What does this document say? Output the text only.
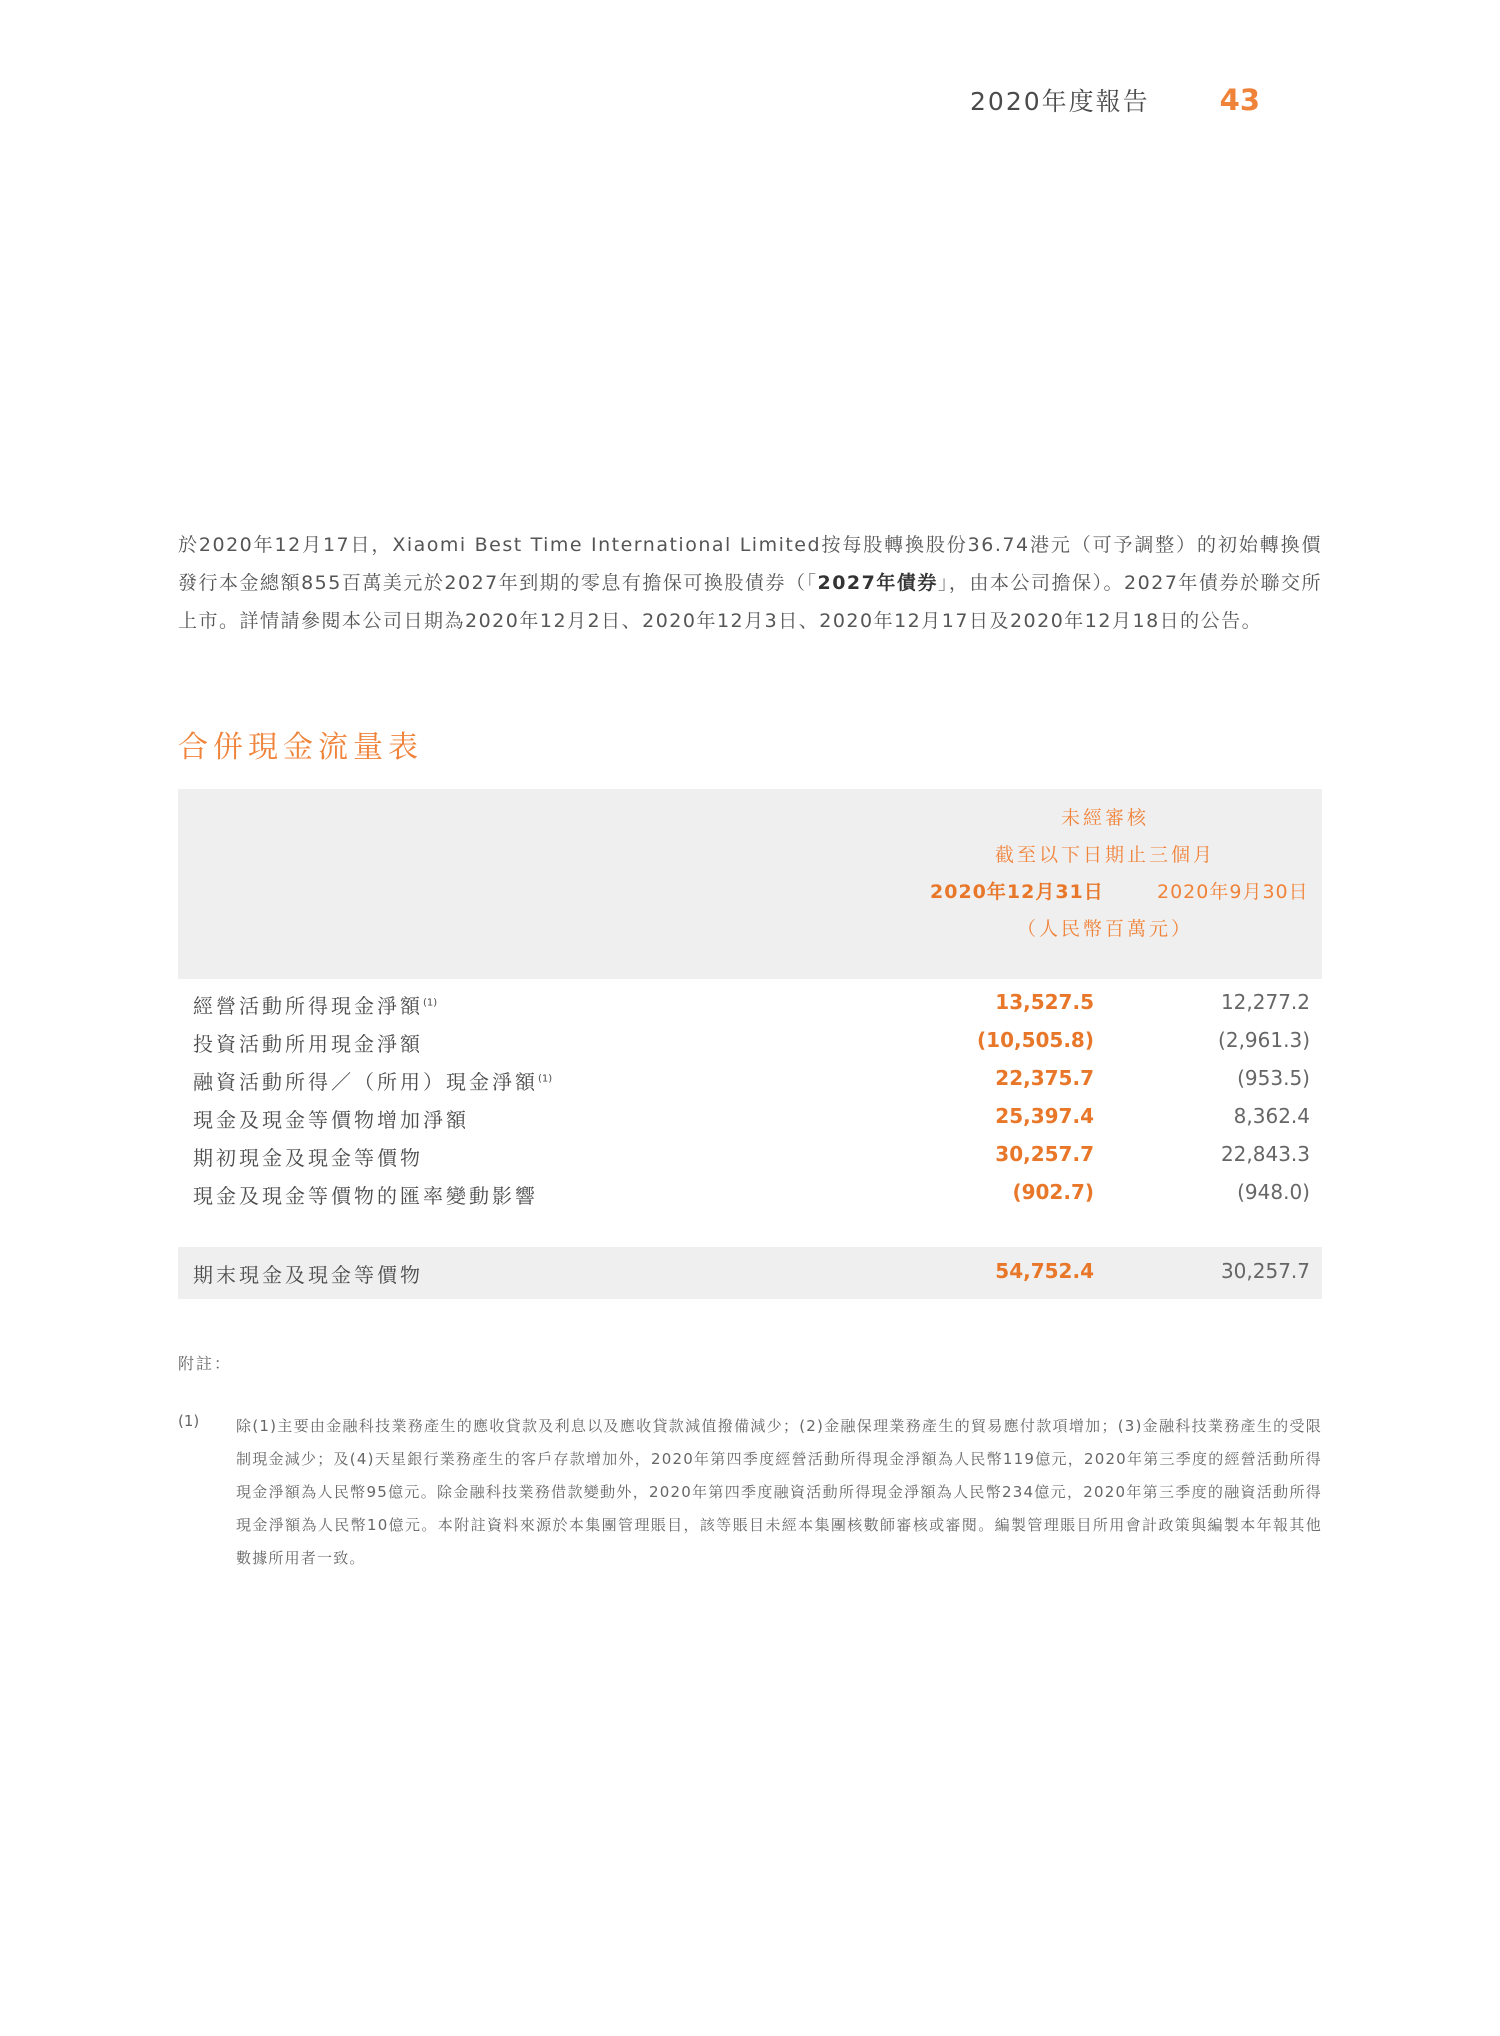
2020年度報告 43
於2020年12月17日，Xiaomi Best Time International Limited按每股轉換股份36.74港元（可予調整）的初始轉換價發行本金總額855百萬美元於2027年到期的零息有擔保可換股債券（「2027年債券」，由本公司擔保）。2027年債券於聯交所上市。詳情請參閱本公司日期為2020年12月2日、2020年12月3日、2020年12月17日及2020年12月18日的公告。
合併現金流量表
未經審核
截至以下日期止三個月
2020年12月31日	2020年9月30日
（人民幣百萬元）
經營活動所得現金淨額$^{(1)}$	13,527.5	12,277.2
投資活動所用現金淨額	(10,505.8)	(2,961.3)
融資活動所得／（所用）現金淨額$^{(1)}$	22,375.7	(953.5)
現金及現金等價物增加淨額	25,397.4	8,362.4
期初現金及現金等價物	30,257.7	22,843.3
現金及現金等價物的匯率變動影響	(902.7)	(948.0)
期末現金及現金等價物	54,752.4	30,257.7
附註：
(1) 除(1)主要由金融科技業務產生的應收貸款及利息以及應收貸款減值撥備減少；(2)金融保理業務產生的貿易應付款項增加；(3)金融科技業務產生的受限制現金減少；及(4)天星銀行業務產生的客戶存款增加外，2020年第四季度經營活動所得現金淨額為人民幣119億元，2020年第三季度的經營活動所得現金淨額為人民幣95億元。除金融科技業務借款變動外，2020年第四季度融資活動所得現金淨額為人民幣234億元，2020年第三季度的融資活動所得現金淨額為人民幣10億元。本附註資料來源於本集團管理賬目，該等賬目未經本集團核數師審核或審閱。編製管理賬目所用會計政策與編製本年報其他數據所用者一致。
